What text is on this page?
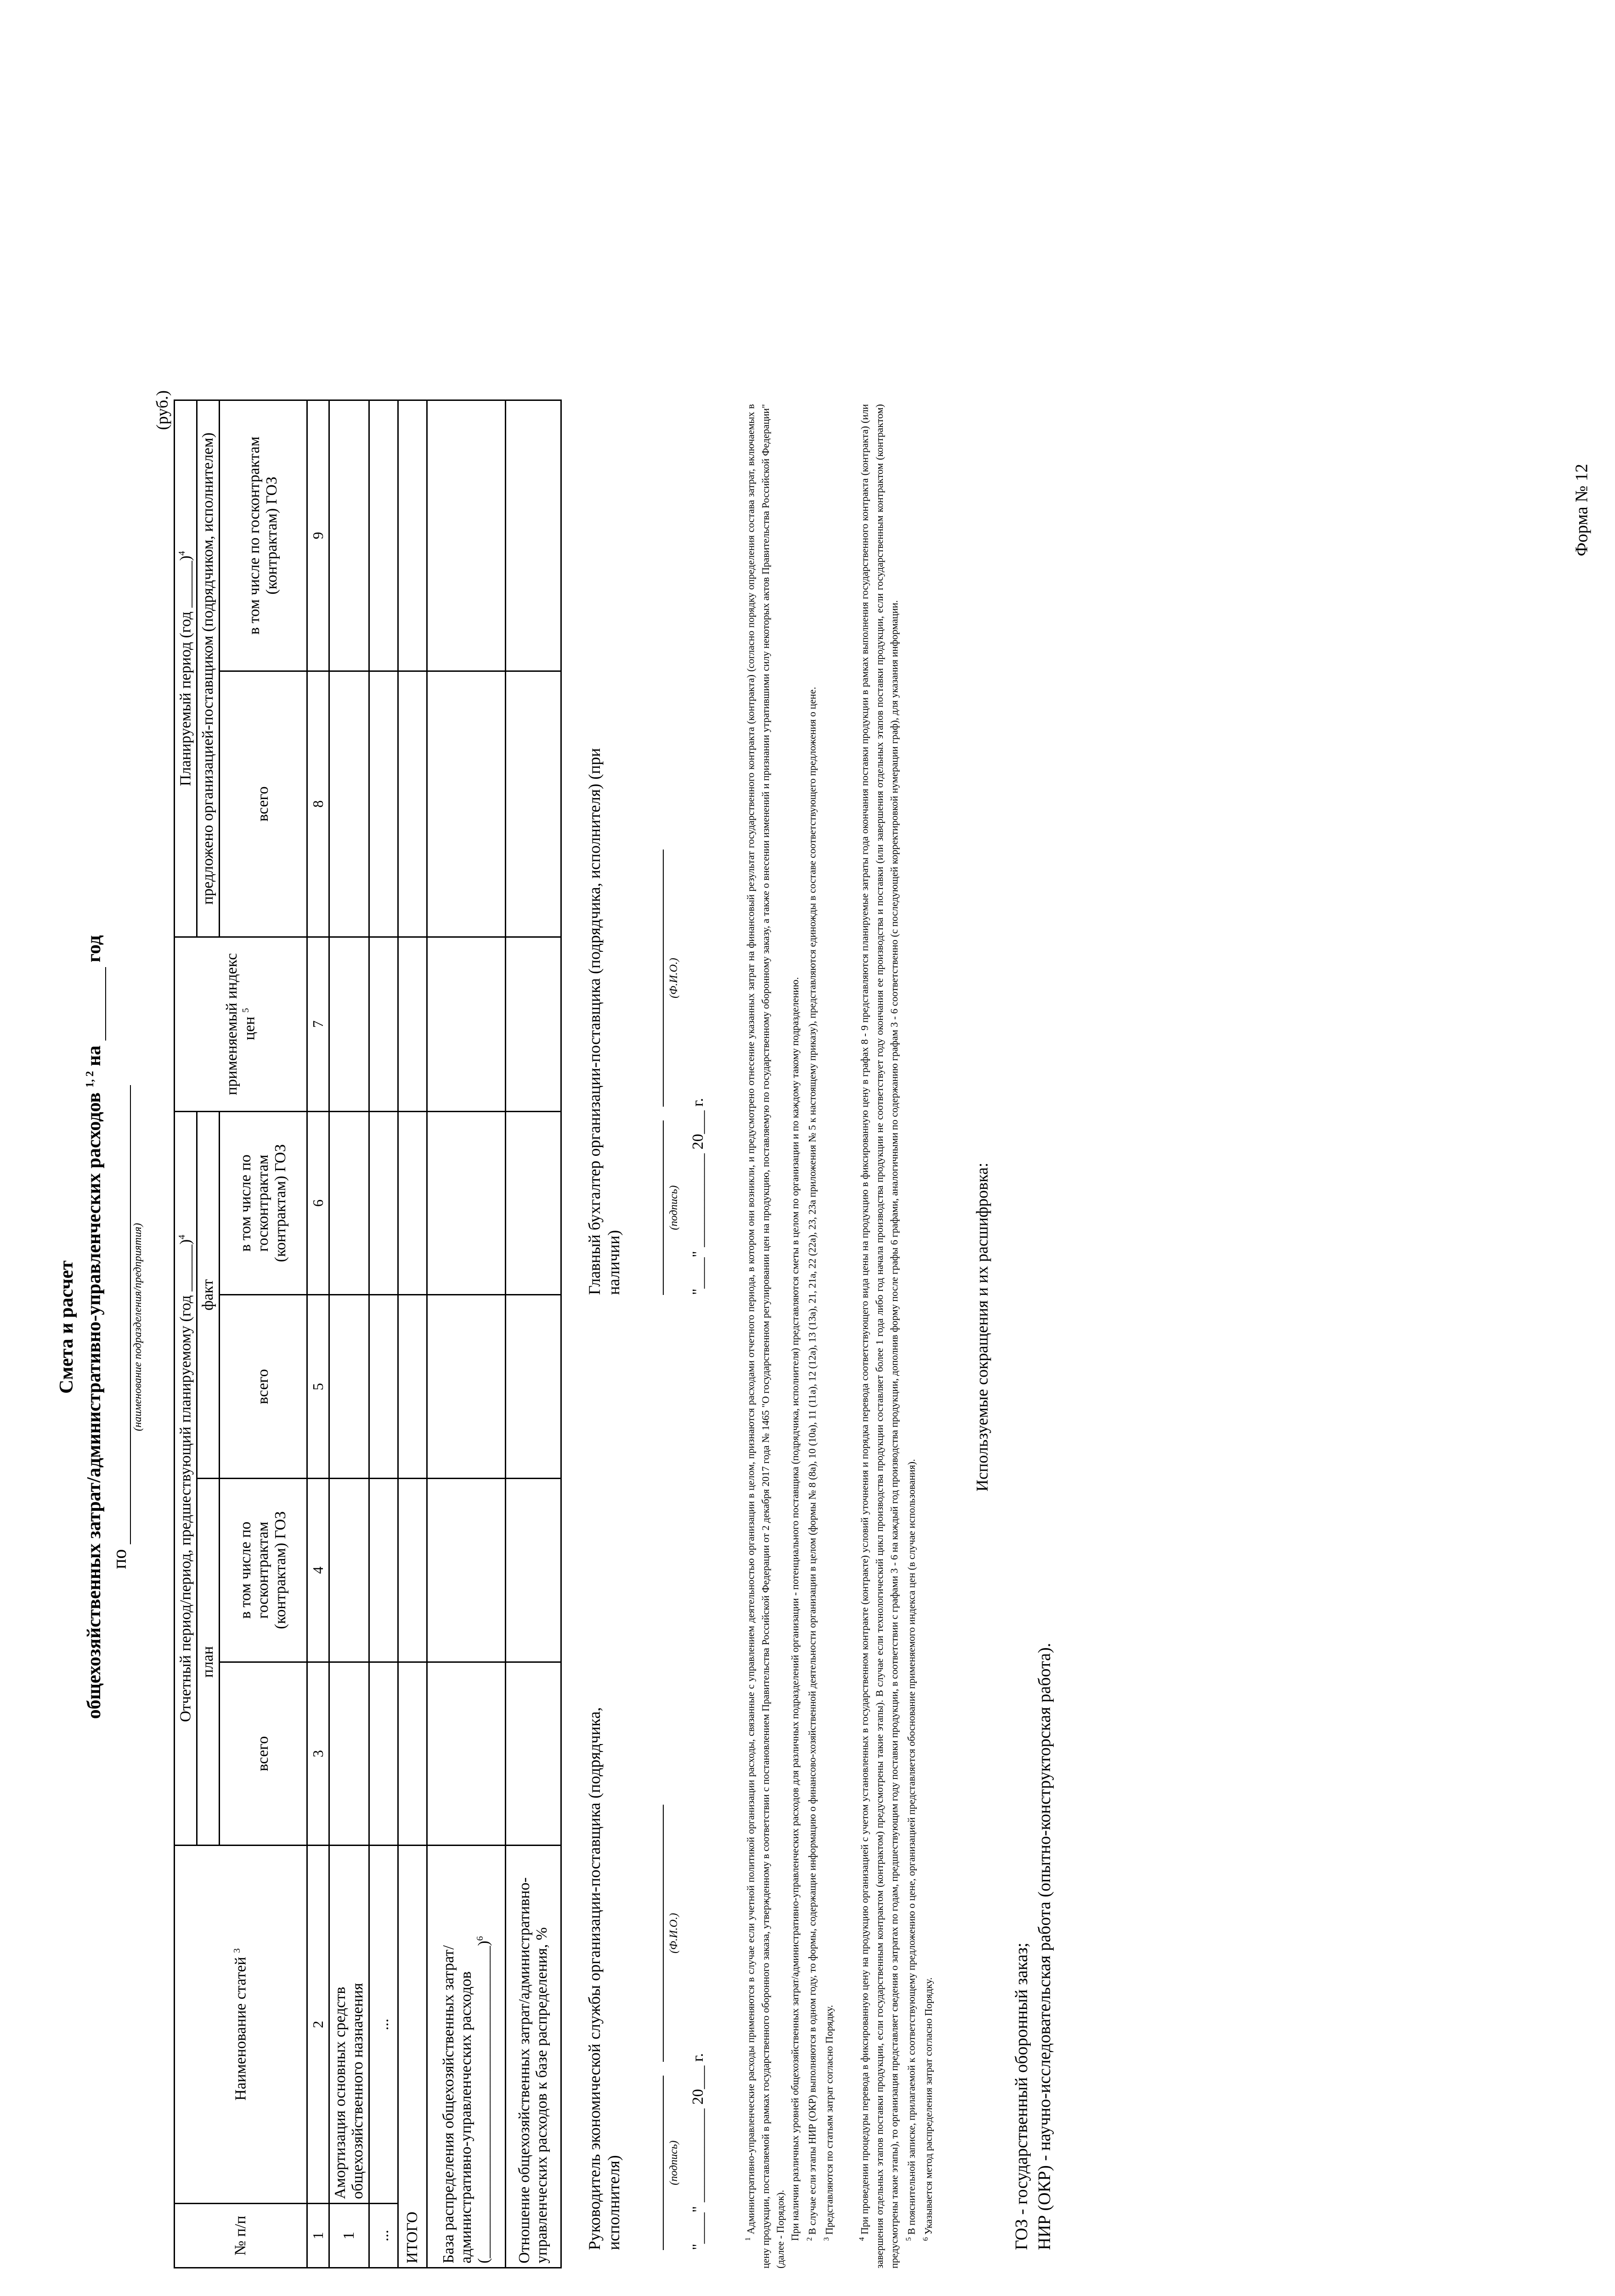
Форма № 12
Смета и расчет общехозяйственных затрат/административно-управленческих расходов $^{1, 2}$ на  год
по
(наименование подразделения/предприятия)
(руб.)
№ п/п	Наименование статей $^3$	Отчетный период/период, предшествующий планируемому (год ______)$^4$				применяемый индекс цен $^5$	Планируемый период (год ______)$^4$
		план		факт			предложено организацией-поставщиком (подрядчиком, исполнителем)	
		всего	в том числе по госконтрактам (контрактам) ГОЗ	всего	в том числе по госконтрактам (контрактам) ГОЗ		всего	в том числе по госконтрактам (контрактам) ГОЗ
1	2	3	4	5	6	7	8	9
1	Амортизация основных средств общехозяйственного назначения							
...	...							
ИТОГО								

База распределения общехозяйственных затрат/административно-управленческих расходов (________________________________________)$^6$

Отношение общехозяйственных затрат/административно-управленческих расходов к базе распределения, %								Руководитель экономической службы организации-поставщика (подрядчика, исполнителя)	(подпись)
(Ф.И.О.)
"____" ____________ 20___ г.
Главный бухгалтер организации-поставщика (подрядчика, исполнителя) (при наличии)
(подпись)
(Ф.И.О.)
"____" ____________ 20___ г.

$^1$ Административно-управленческие расходы применяются в случае если учетной политикой организации расходы, связанные с управлением деятельностью организации в целом, признаются расходами отчетного периода, в котором они возникли, и предусмотрено отнесение указанных затрат на финансовый результат государственного контракта (контракта) (согласно порядку определения состава затрат, включаемых в цену продукции, поставляемой в рамках государственного оборонного заказа, утвержденному в соответствии с постановлением Правительства Российской Федерации от 2 декабря 2017 года № 1465 "О государственном регулировании цен на продукцию, поставляемую по государственному оборонному заказу, а также о внесении изменений и признании утратившими силу некоторых актов Правительства Российской Федерации" (далее - Порядок). При наличии различных уровней общехозяйственных затрат/административно-управленческих расходов для различных подразделений организации - потенциального поставщика (подрядчика, исполнителя) представляются сметы в целом по организации и по каждому такому подразделению. $^2$ В случае если этапы НИР (ОКР) выполняются в одном году, то формы, содержащие информацию о финансово-хозяйственной деятельности организации в целом (формы № 8 (8а), 10 (10а), 11 (11а), 12 (12а), 13 (13а), 21, 21а, 22 (22а), 23, 23а приложения № 5 к настоящему приказу), представляются единожды в составе соответствующего предложения о цене.

$^3$ Представляются по статьям затрат согласно Порядку.

$^4$ При проведении процедуры перевода в фиксированную цену на продукцию организацией с учетом установленных в государственном контракте (контракте) условий уточнения и порядка перевода соответствующего вида цены на продукцию в фиксированную цену в графах 8 - 9 представляются планируемые затраты года окончания поставки продукции в рамках выполнения государственного контракта (контракта) (или завершения отдельных этапов поставки продукции, если государственным контрактом (контрактом) предусмотрены такие этапы). В случае если технологический цикл производства продукции составляет более 1 года либо год начала производства продукции не соответствует году окончания ее производства и поставки (или завершения отдельных этапов поставки продукции, если государственным контрактом (контрактом) предусмотрены такие этапы), то организация представляет сведения о затратах по годам, предшествующим году поставки продукции, в соответствии с графами 3 - 6 на каждый год производства продукции, дополнив форму после графы 6 графами, аналогичными по содержанию графам 3 - 6 соответственно (с последующей корректировкой нумерации граф), для указания информации. $^5$ В пояснительной записке, прилагаемой к соответствующему предложению о цене, организацией представляется обоснование применяемого индекса цен (в случае использования).

$^6$ Указывается метод распределения затрат согласно Порядку.

Используемые сокращения и их расшифровка:
ГОЗ - государственный оборонный заказ; НИР (ОКР) - научно-исследовательская работа (опытно-конструкторская работа).
